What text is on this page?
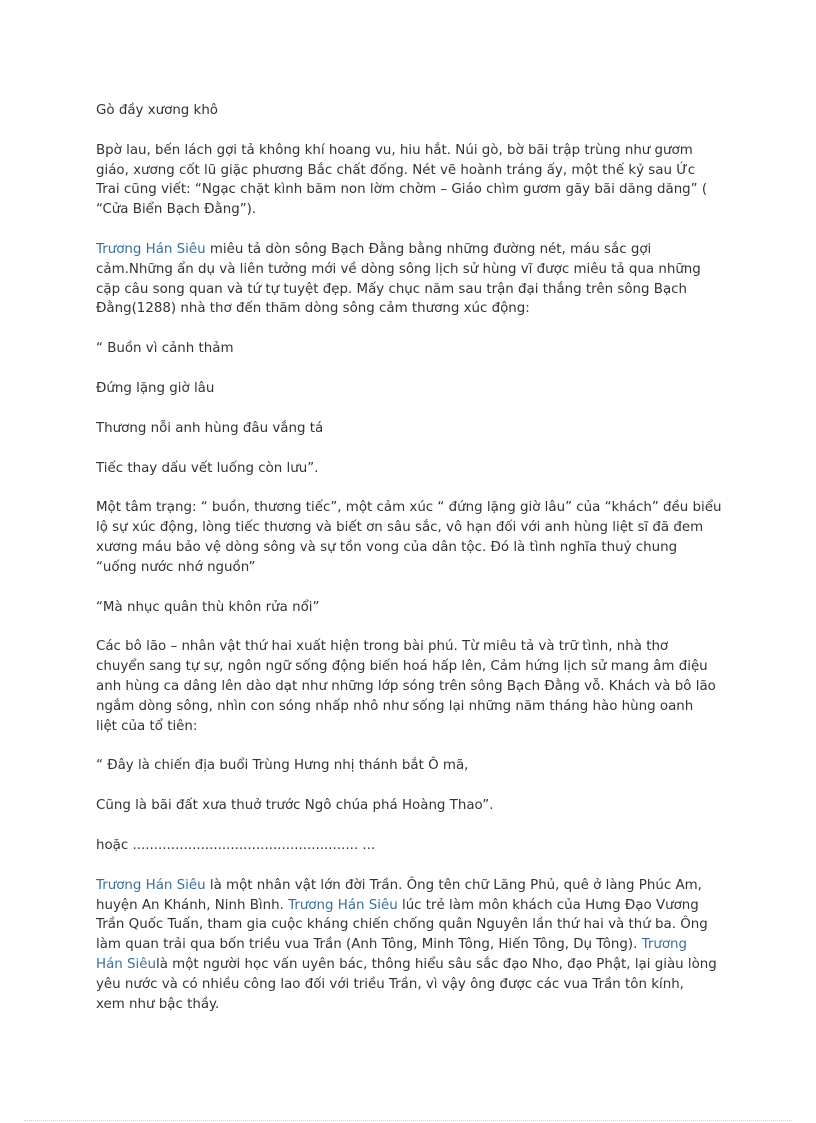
Gò đầy xương khô
Bpờ lau, bến lách gợi tả không khí hoang vu, hiu hắt. Núi gò, bờ bãi trập trùng như gươm
giáo, xương cốt lũ giặc phương Bắc chất đống. Nét vẽ hoành tráng ấy, một thế kỷ sau Ức
Trai cũng viết: “Ngạc chặt kình băm non lờm chờm – Giáo chìm gươm gãy bãi dăng dăng” (
“Cửa Biển Bạch Đằng”).
Trương Hán Siêu miêu tả dòn sông Bạch Đằng bằng những đường nét, máu sắc gợi
cảm.Những ẩn dụ và liên tưởng mới về dòng sông lịch sử hùng vĩ được miêu tả qua những
cặp câu song quan và tứ tự tuyệt đẹp. Mấy chục năm sau trận đại thắng trên sông Bạch
Đằng(1288) nhà thơ đến thăm dòng sông cảm thương xúc động:
“ Buồn vì cảnh thảm
Đứng lặng giờ lâu
Thương nỗi anh hùng đâu vắng tá
Tiếc thay dấu vết luống còn lưu”.
Một tâm trạng: “ buồn, thương tiếc”, một cảm xúc “ đứng lặng giờ lâu” của “khách” đều biểu
lộ sự xúc động, lòng tiếc thương và biết ơn sâu sắc, vô hạn đối với anh hùng liệt sĩ đã đem
xương máu bảo vệ dòng sông và sự tồn vong của dân tộc. Đó là tình nghĩa thuỷ chung
“uống nước nhớ nguồn”
“Mà nhục quân thù khôn rửa nổi”
Các bô lão – nhân vật thứ hai xuất hiện trong bài phú. Từ miêu tả và trữ tình, nhà thơ
chuyển sang tự sự, ngôn ngữ sống động biến hoá hấp lên, Cảm hứng lịch sử mang âm điệu
anh hùng ca dâng lên dào dạt như những lớp sóng trên sông Bạch Đằng vỗ. Khách và bô lão
ngắm dòng sông, nhìn con sóng nhấp nhô như sống lại những năm tháng hào hùng oanh
liệt của tổ tiên:
“ Đây là chiến địa buổi Trùng Hưng nhị thánh bắt Ô mã,
Cũng là bãi đất xưa thuở trước Ngô chúa phá Hoàng Thao”.
hoặc ..................................................... ...
Trương Hán Siêu là một nhân vật lớn đời Trần. Ông tên chữ Lăng Phủ, quê ở làng Phúc Am,
huyện An Khánh, Ninh Bình. Trương Hán Siêu lúc trẻ làm môn khách của Hưng Đạo Vương
Trần Quốc Tuấn, tham gia cuộc kháng chiến chống quân Nguyên lần thứ hai và thứ ba. Ông
làm quan trải qua bốn triều vua Trần (Anh Tông, Minh Tông, Hiến Tông, Dụ Tông). Trương
Hán Siêulà một người học vấn uyên bác, thông hiểu sâu sắc đạo Nho, đạo Phật, lại giàu lòng
yêu nước và có nhiều công lao đối với triều Trần, vì vậy ông được các vua Trần tôn kính,
xem như bậc thầy.
